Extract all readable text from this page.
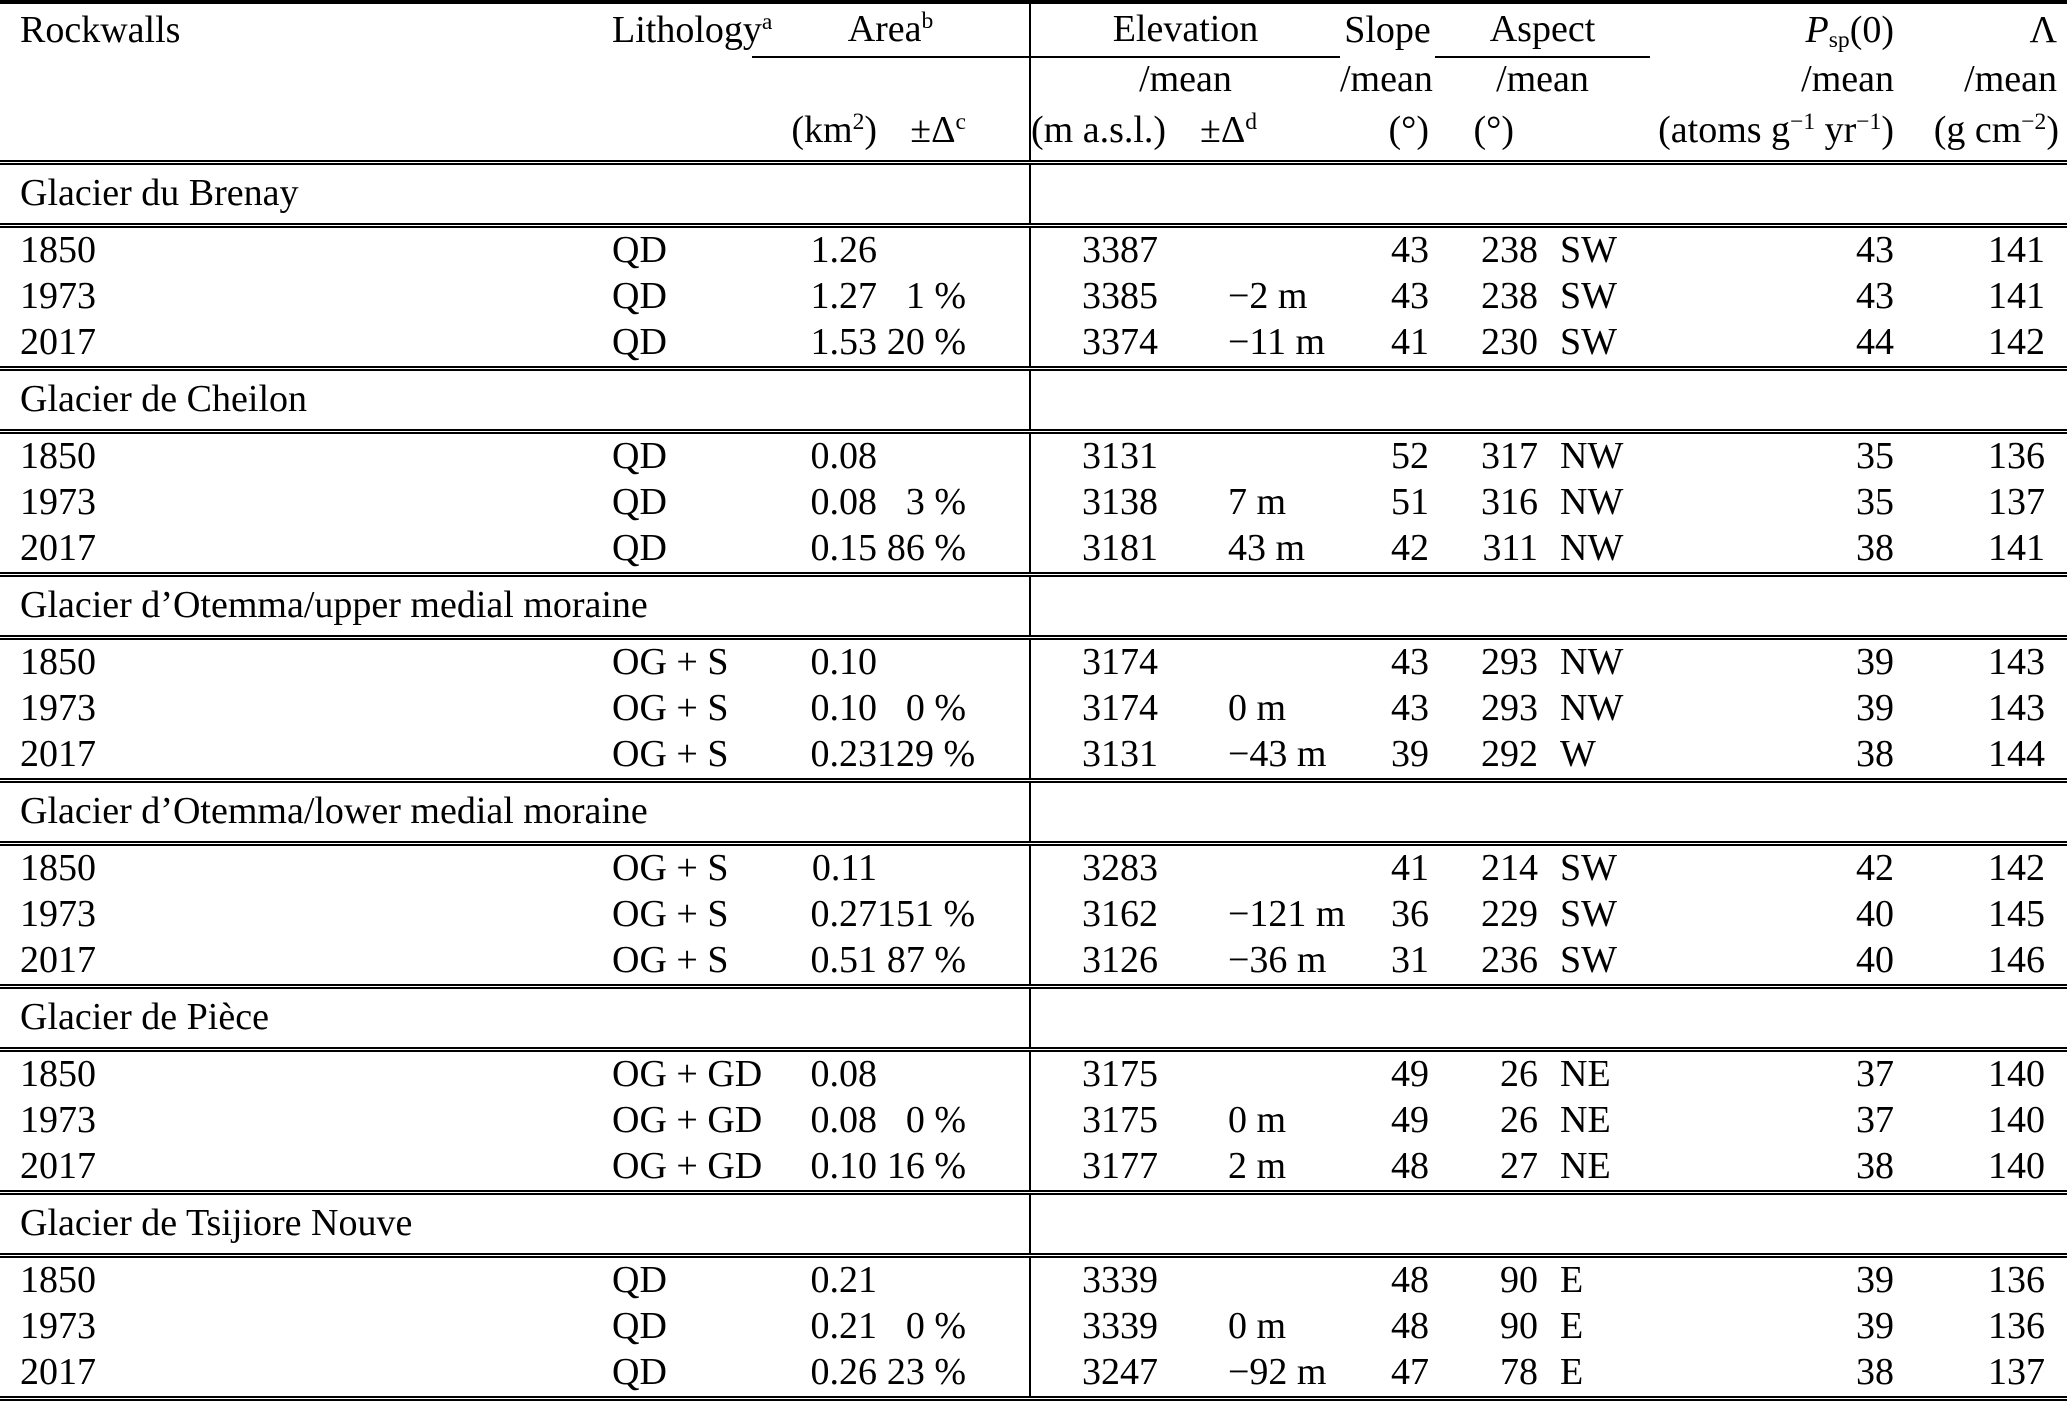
Rockwalls	Lithology$^a$	Area$^b$		Elevation		Slope	Aspect		$P_{sp}(0)$	Λ
				/mean		/mean	/mean		/mean	/mean
		$(km^2)$	$\pm\Delta^c$	(m a.s.l.)	$\pm\Delta^d$	(°)	(°)		(atoms $g^{-1}$ $yr^{-1}$)	(g $cm^{-2}$)
Glacier du Brenay										
1850	QD	1.26		3387		43	238	SW	43	141
1973	QD	1.27	1 %	3385	−2 m	43	238	SW	43	141
2017	QD	1.53	20 %	3374	−11 m	41	230	SW	44	142
Glacier de Cheilon										
1850	QD	0.08		3131		52	317	NW	35	136
1973	QD	0.08	3 %	3138	7 m	51	316	NW	35	137
2017	QD	0.15	86 %	3181	43 m	42	311	NW	38	141
Glacier d’Otemma/upper medial moraine										
1850	OG + S	0.10		3174		43	293	NW	39	143
1973	OG + S	0.10	0 %	3174	0 m	43	293	NW	39	143
2017	OG + S	0.23	129 %	3131	−43 m	39	292	W	38	144
Glacier d’Otemma/lower medial moraine										
1850	OG + S	0.11		3283		41	214	SW	42	142
1973	OG + S	0.27	151 %	3162	−121 m	36	229	SW	40	145
2017	OG + S	0.51	87 %	3126	−36 m	31	236	SW	40	146
Glacier de Pièce										
1850	OG + GD	0.08		3175		49	26	NE	37	140
1973	OG + GD	0.08	0 %	3175	0 m	49	26	NE	37	140
2017	OG + GD	0.10	16 %	3177	2 m	48	27	NE	38	140
Glacier de Tsijiore Nouve										
1850	QD	0.21		3339		48	90	E	39	136
1973	QD	0.21	0 %	3339	0 m	48	90	E	39	136
2017	QD	0.26	23 %	3247	−92 m	47	78	E	38	137
